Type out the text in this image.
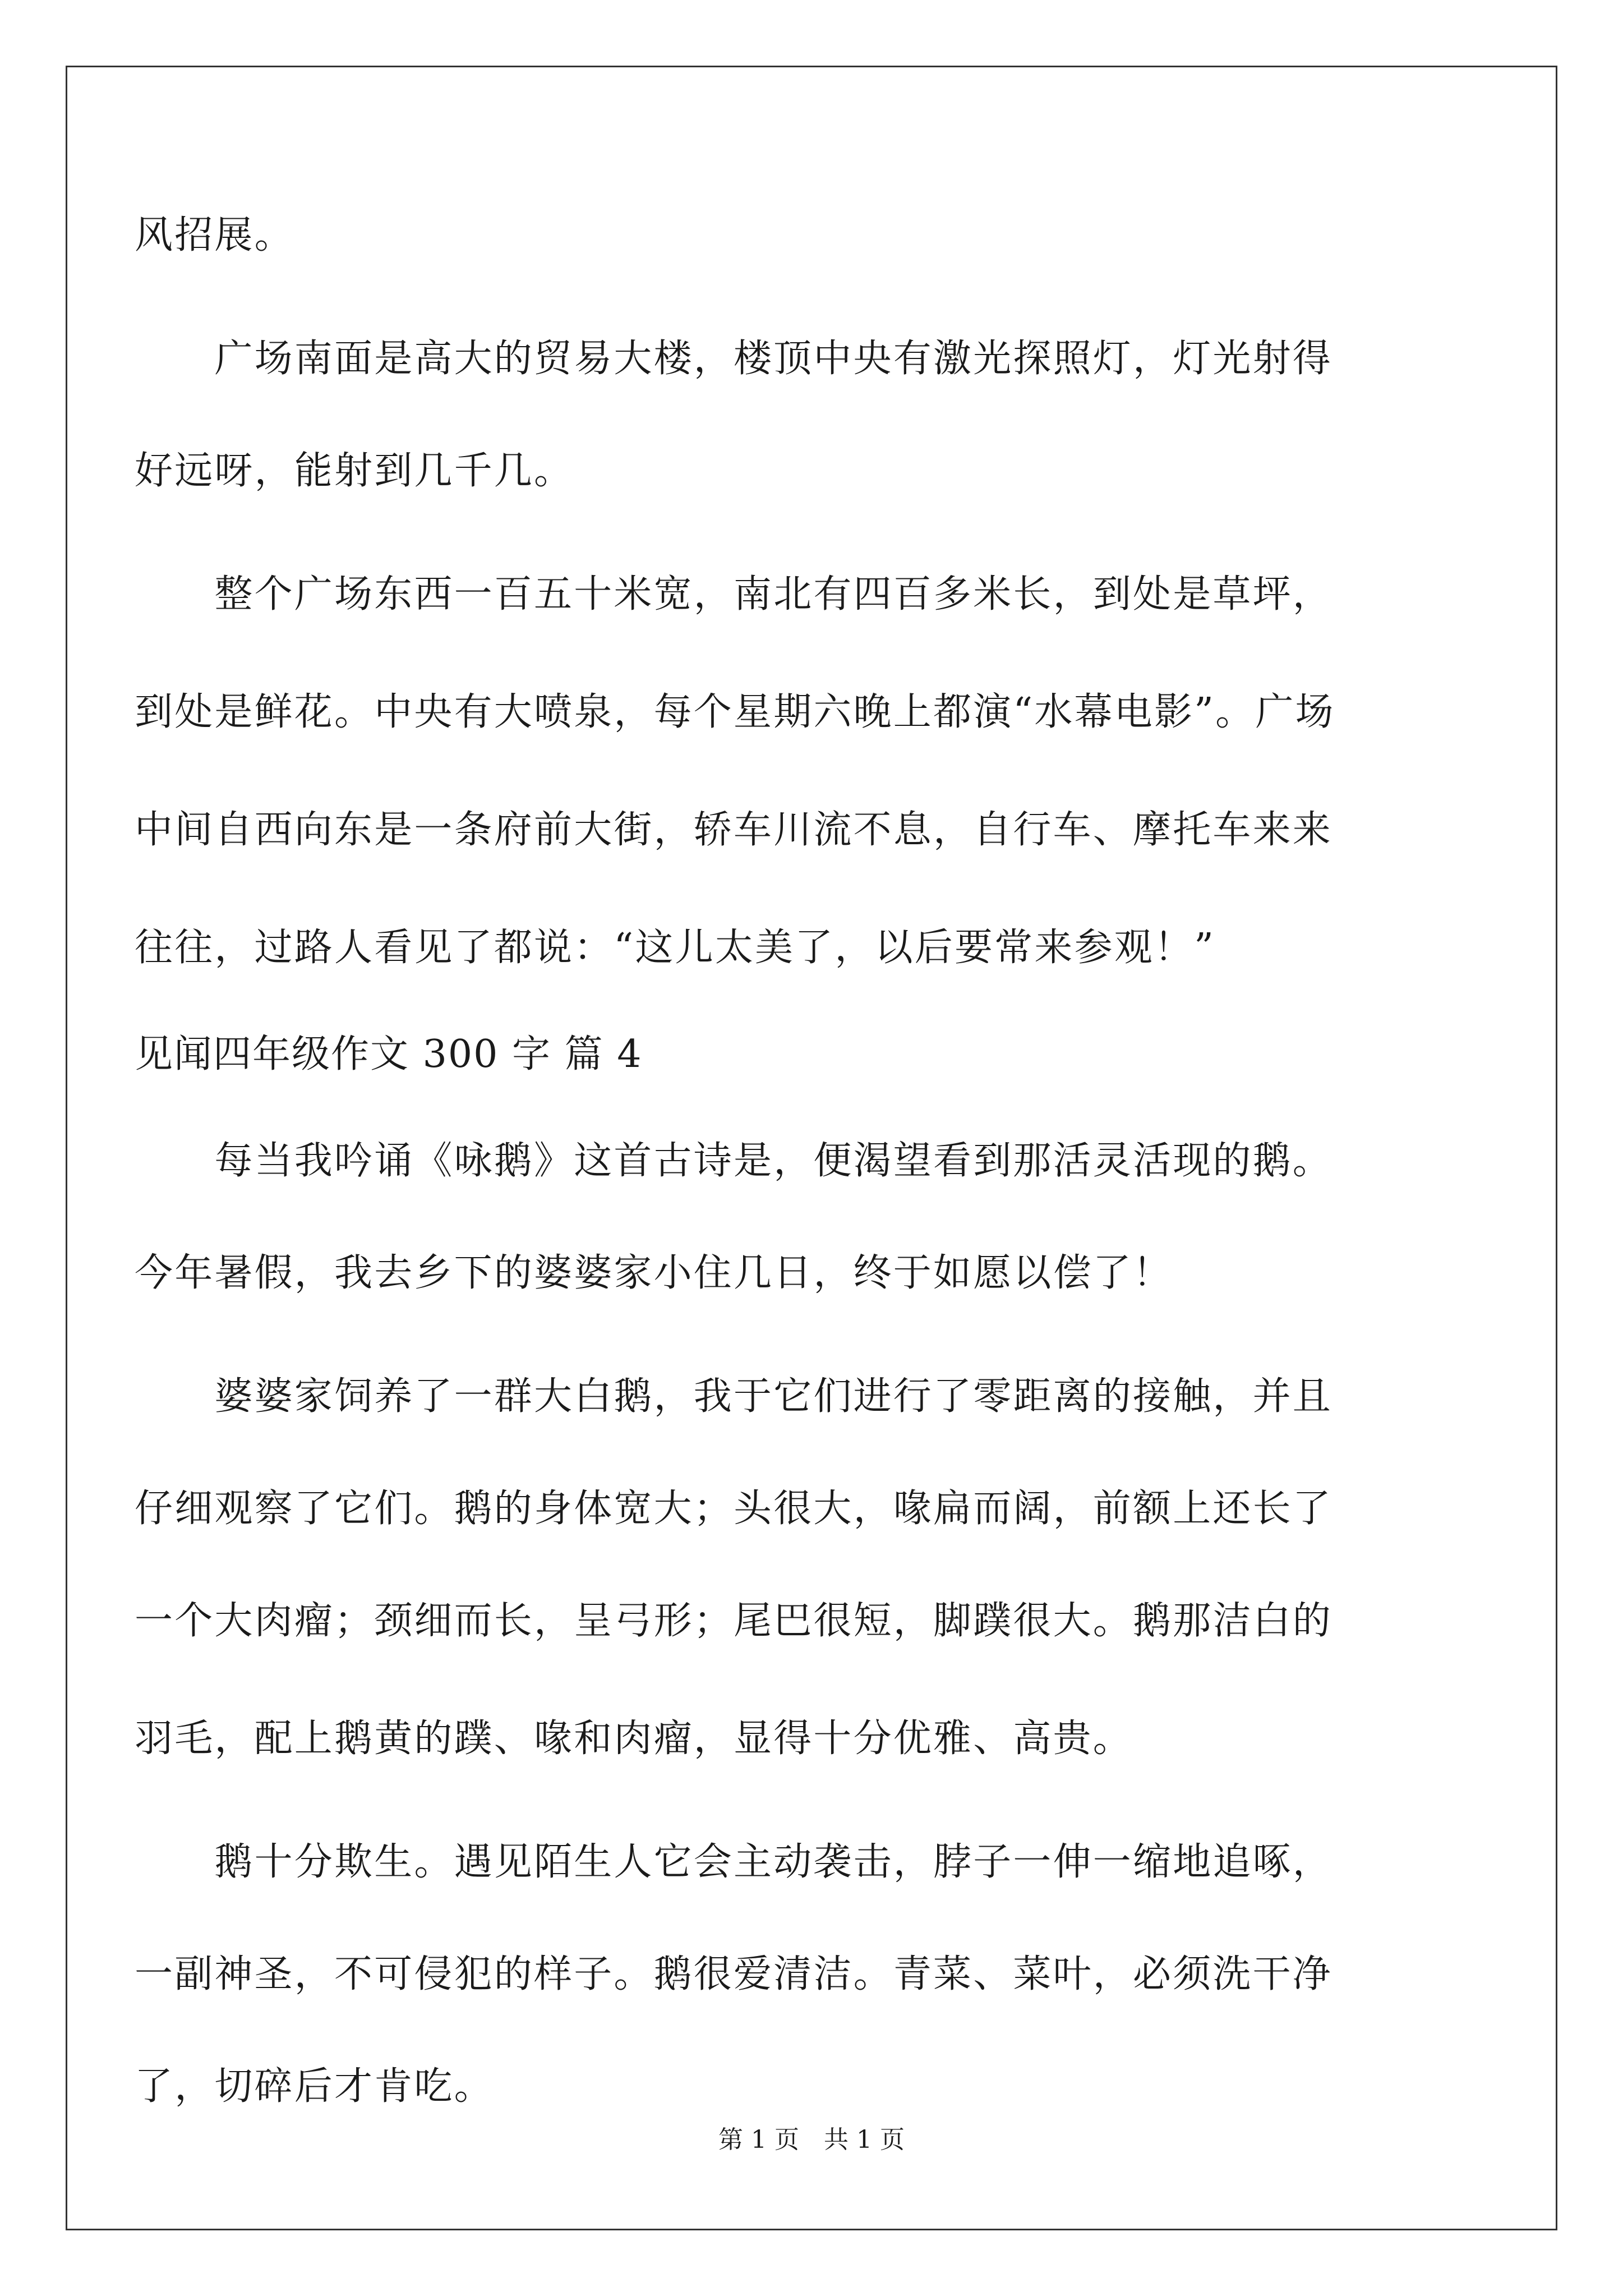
风招展。
　　广场南面是高大的贸易大楼，楼顶中央有激光探照灯，灯光射得
好远呀，能射到几千几。
　　整个广场东西一百五十米宽，南北有四百多米长，到处是草坪，
到处是鲜花。中央有大喷泉，每个星期六晚上都演“水幕电影”。广场
中间自西向东是一条府前大街，轿车川流不息，自行车、摩托车来来
往往，过路人看见了都说：“这儿太美了，以后要常来参观！”
见闻四年级作文 300 字 篇 4
　　每当我吟诵《咏鹅》这首古诗是，便渴望看到那活灵活现的鹅。
今年暑假，我去乡下的婆婆家小住几日，终于如愿以偿了！
　　婆婆家饲养了一群大白鹅，我于它们进行了零距离的接触，并且
仔细观察了它们。鹅的身体宽大；头很大，喙扁而阔，前额上还长了
一个大肉瘤；颈细而长，呈弓形；尾巴很短，脚蹼很大。鹅那洁白的
羽毛，配上鹅黄的蹼、喙和肉瘤，显得十分优雅、高贵。
　　鹅十分欺生。遇见陌生人它会主动袭击，脖子一伸一缩地追啄，
一副神圣，不可侵犯的样子。鹅很爱清洁。青菜、菜叶，必须洗干净
了，切碎后才肯吃。
第 1 页　共 1 页
